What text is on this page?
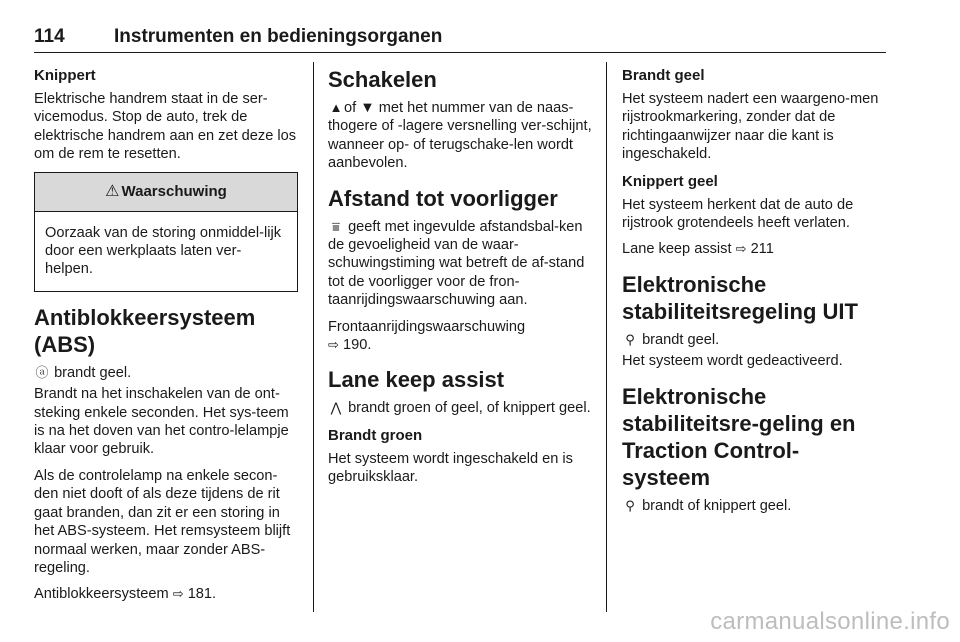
114	Instrumenten en bedieningsorganen
Knippert

Elektrische handrem staat in de ser-vicemodus. Stop de auto, trek de elektrische handrem aan en zet deze los om de rem te resetten.

⚠ Waarschuwing
Oorzaak van de storing onmiddel-lijk door een werkplaats laten ver-helpen.
Antiblokkeersysteem (ABS)

ⓐ brandt geel.

Brandt na het inschakelen van de ont-steking enkele seconden. Het sys-teem is na het doven van het contro-lelampje klaar voor gebruik.

Als de controlelamp na enkele secon-den niet dooft of als deze tijdens de rit gaat branden, dan zit er een storing in het ABS-systeem. Het remsysteem blijft normaal werken, maar zonder ABS-regeling.

Antiblokkeersysteem ⇨ 181.

Schakelen

▲ of ▼ met het nummer van de naas-thogere of -lagere versnelling ver-schijnt, wanneer op- of terugschake-len wordt aanbevolen.

Afstand tot voorligger

⩸ geeft met ingevulde afstandsbal-ken de gevoeligheid van de waar-schuwingstiming wat betreft de af-stand tot de voorligger voor de fron-taanrijdingswaarschuwing aan.

Frontaanrijdingswaarschuwing
⇨ 190.

Lane keep assist

⋀ brandt groen of geel, of knippert geel.

Brandt groen

Het systeem wordt ingeschakeld en is gebruiksklaar.

Brandt geel

Het systeem nadert een waargeno-men rijstrookmarkering, zonder dat de richtingaanwijzer naar die kant is ingeschakeld.

Knippert geel

Het systeem herkent dat de auto de rijstrook grotendeels heeft verlaten.

Lane keep assist ⇨ 211

Elektronische
stabiliteitsregeling UIT

⚲ brandt geel.

Het systeem wordt gedeactiveerd.

Elektronische stabiliteitsre-geling en Traction Control-systeem

⚲ brandt of knippert geel.

carmanualsonline.info
